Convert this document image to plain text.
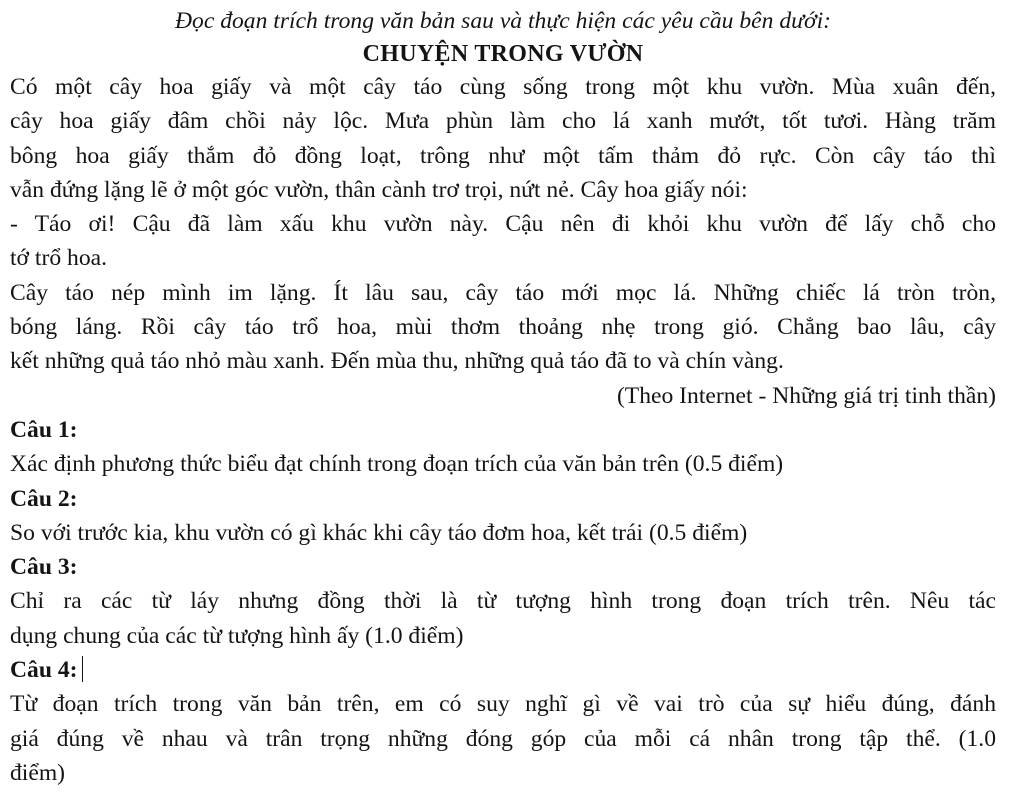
Đọc đoạn trích trong văn bản sau và thực hiện các yêu cầu bên dưới:
CHUYỆN TRONG VƯỜN
Có một cây hoa giấy và một cây táo cùng sống trong một khu vườn. Mùa xuân đến,
cây hoa giấy đâm chồi nảy lộc. Mưa phùn làm cho lá xanh mướt, tốt tươi. Hàng trăm
bông hoa giấy thắm đỏ đồng loạt, trông như một tấm thảm đỏ rực. Còn cây táo thì
vẫn đứng lặng lẽ ở một góc vườn, thân cành trơ trọi, nứt nẻ. Cây hoa giấy nói:
- Táo ơi! Cậu đã làm xấu khu vườn này. Cậu nên đi khỏi khu vườn để lấy chỗ cho
tớ trổ hoa.
Cây táo nép mình im lặng. Ít lâu sau, cây táo mới mọc lá. Những chiếc lá tròn tròn,
bóng láng. Rồi cây táo trổ hoa, mùi thơm thoảng nhẹ trong gió. Chẳng bao lâu, cây
kết những quả táo nhỏ màu xanh. Đến mùa thu, những quả táo đã to và chín vàng.
(Theo Internet - Những giá trị tinh thần)
Câu 1:
Xác định phương thức biểu đạt chính trong đoạn trích của văn bản trên (0.5 điểm)
Câu 2:
So với trước kia, khu vườn có gì khác khi cây táo đơm hoa, kết trái (0.5 điểm)
Câu 3:
Chỉ ra các từ láy nhưng đồng thời là từ tượng hình trong đoạn trích trên. Nêu tác
dụng chung của các từ tượng hình ấy (1.0 điểm)
Câu 4:
Từ đoạn trích trong văn bản trên, em có suy nghĩ gì về vai trò của sự hiểu đúng, đánh
giá đúng về nhau và trân trọng những đóng góp của mỗi cá nhân trong tập thể. (1.0
điểm)
